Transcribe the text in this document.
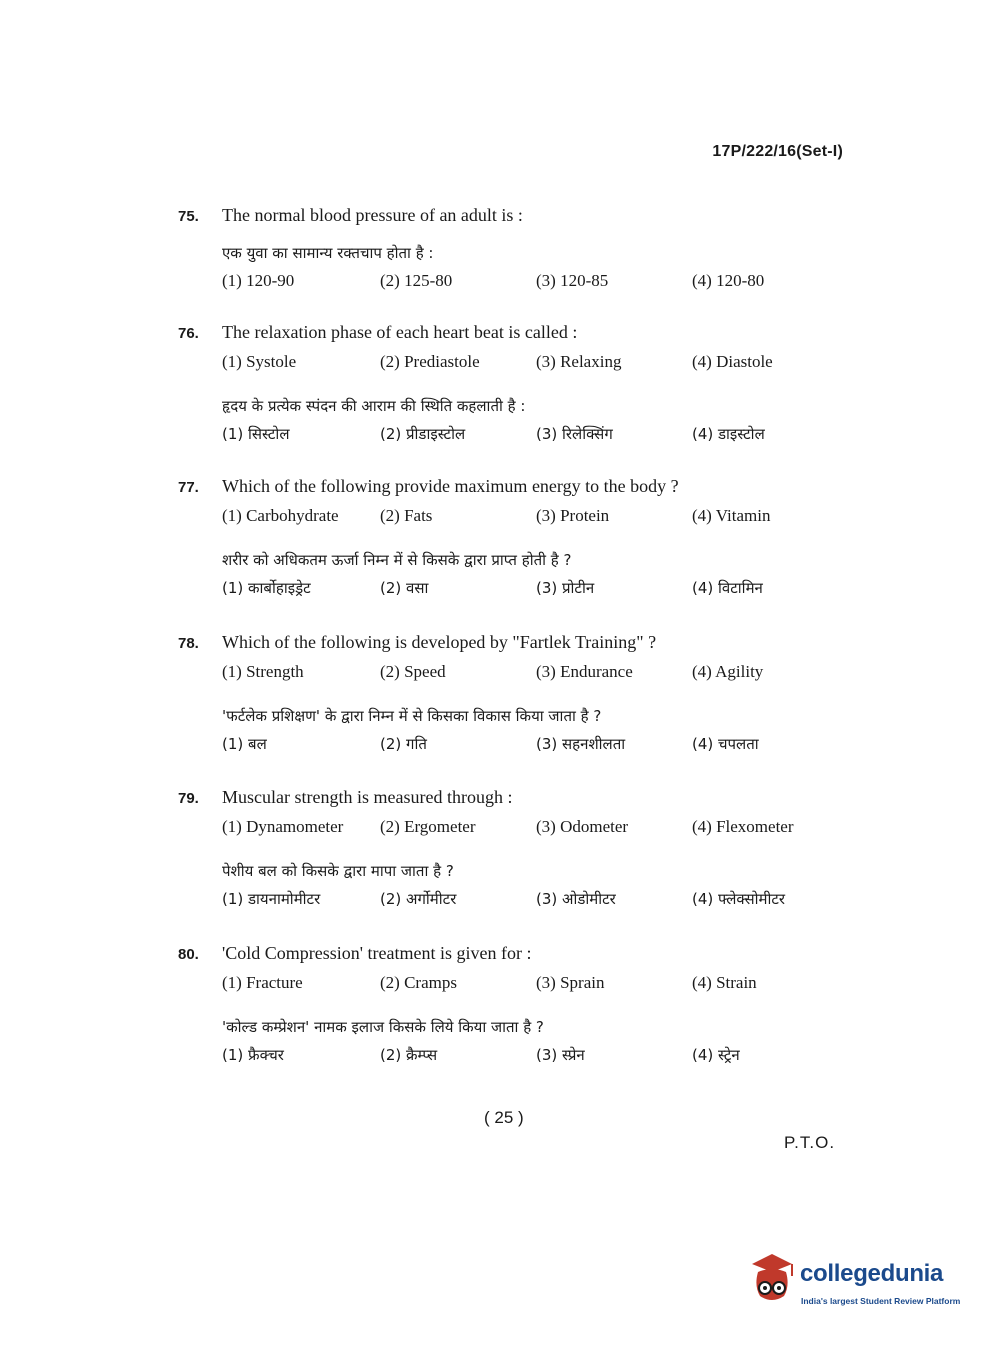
17P/222/16(Set-I)
75.	The normal blood pressure of an adult is :
एक युवा का सामान्य रक्तचाप होता है :
(1) 120-90	(2) 125-80	(3) 120-85	(4) 120-80
76.	The relaxation phase of each heart beat is called :
(1) Systole	(2) Prediastole	(3) Relaxing	(4) Diastole
हृदय के प्रत्येक स्पंदन की आराम की स्थिति कहलाती है :
(1) सिस्टोल	(2) प्रीडाइस्टोल	(3) रिलेक्सिंग	(4) डाइस्टोल
77.	Which of the following provide maximum energy to the body ?
(1) Carbohydrate (2) Fats	(3) Protein	(4) Vitamin
शरीर को अधिकतम ऊर्जा निम्न में से किसके द्वारा प्राप्त होती है ?
(1) कार्बोहाइड्रेट	(2) वसा	(3) प्रोटीन	(4) विटामिन
78.	Which of the following is developed by "Fartlek Training" ?
(1) Strength	(2) Speed	(3) Endurance	(4) Agility
'फर्टलेक प्रशिक्षण' के द्वारा निम्न में से किसका विकास किया जाता है ?
(1) बल	(2) गति	(3) सहनशीलता	(4) चपलता
79.	Muscular strength is measured through :
(1) Dynamometer (2) Ergometer	(3) Odometer	(4) Flexometer
पेशीय बल को किसके द्वारा मापा जाता है ?
(1) डायनामोमीटर	(2) अर्गोमीटर	(3) ओडोमीटर	(4) फ्लेक्सोमीटर
80.	'Cold Compression' treatment is given for :
(1) Fracture	(2) Cramps	(3) Sprain	(4) Strain
'कोल्ड कम्प्रेशन' नामक इलाज किसके लिये किया जाता है ?
(1) फ्रैक्चर	(2) क्रैम्प्स	(3) स्प्रेन	(4) स्ट्रेन
( 25 )
P.T.O.
collegedunia
India's largest Student Review Platform
